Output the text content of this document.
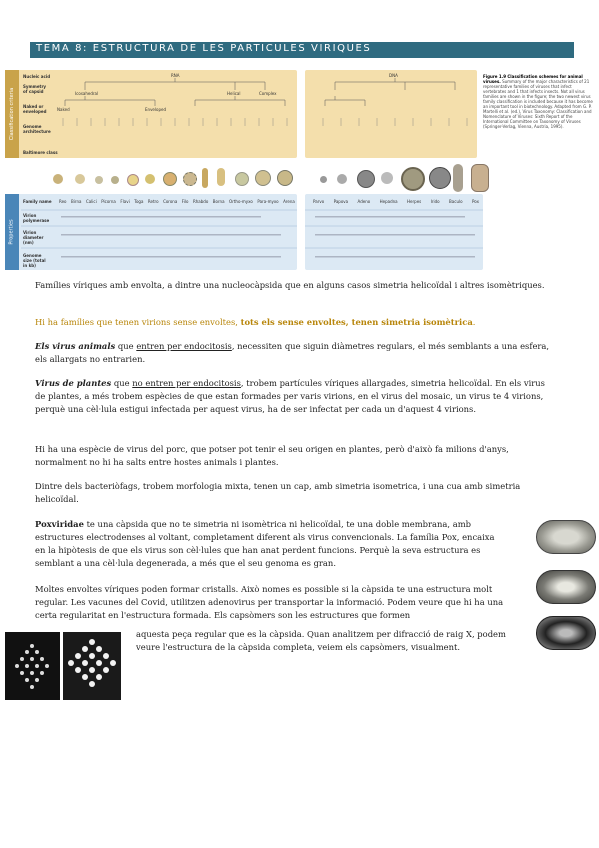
TEMA 8: ESTRUCTURA DE LES PARTICULES VIRIQUES
Classification criteria
Nucleic acid
Symmetry of capsid
Naked or enveloped
Genome architecture
Baltimore class
RNA	DNA
Icosahedral	Helical	Complex
Naked	Enveloped
Figure 1.9 Classification schemes for animal viruses. Summary of the major characteristics of 21 representative families of viruses that infect vertebrates and 1 that infects insects. Not all virus families are shown in the figure; the two newest virus family classification is included because it has become an important tool in biotechnology. Adapted from G. P. Martelli et al. (ed.), Virus Taxonomy: Classification and Nomenclature of Viruses: Sixth Report of the International Committee on Taxonomy of Viruses (Springer-Verlag, Vienna, Austria, 1995).
Properties
Family name
Virion polymerase
Virion diameter (nm)
Genome size (total in kb)
Reo Birna Calici Picorna Flavi Toga Retro Corona Filo Rhabdo Borna Ortho-myxo Para-myxo Arena	Parvo Papova Adeno Hepadna Herpes Irido Baculo Pox

Famílies víriques amb envolta, a dintre una nucleocàpsida que en alguns casos simetria helicoïdal i altres isomètriques.

Hi ha famílies que tenen virions sense envoltes, tots els sense envoltes, tenen simetria isomètrica.

Els virus animals que entren per endocitosis, necessiten que siguin diàmetres regulars, el més semblants a una esfera, els allargats no entrarien.

Virus de plantes que no entren per endocitosis, trobem partícules víriques allargades, simetria helicoïdal. En els virus de plantes, a més trobem espècies de que estan formades per varis virions, en el virus del mosaic, un virus te 4 virions, perquè una cèl·lula estigui infectada per aquest virus, ha de ser infectat per cada un d'aquest 4 virions.

Hi ha una espècie de virus del porc, que potser pot tenir el seu origen en plantes, però d'això fa milions d'anys, normalment no hi ha salts entre hostes animals i plantes.

Dintre dels bacteriòfags, trobem morfologia mixta, tenen un cap, amb simetria isometrica, i una cua amb simetria helicoïdal.

Poxviridae te una càpsida que no te simetria ni isomètrica ni helicoïdal, te una doble membrana, amb estructures electrodenses al voltant, completament diferent als virus convencionals. La família Pox, encaixa en la hipòtesis de que els virus son cèl·lules que han anat perdent funcions. Perquè la seva estructura es semblant a una cèl·lula degenerada, a més que el seu genoma es gran.

Moltes envoltes víriques poden formar cristalls. Això nomes es possible si la càpsida te una estructura molt regular. Les vacunes del Covid, utilitzen adenovirus per transportar la informació. Podem veure que hi ha una certa regularitat en l'estructura formada. Els capsòmers son les estructures que formen

aquesta peça regular que es la càpsida. Quan analitzem per difracció de raig X, podem veure l'estructura de la càpsida completa, veiem els capsòmers, visualment.
